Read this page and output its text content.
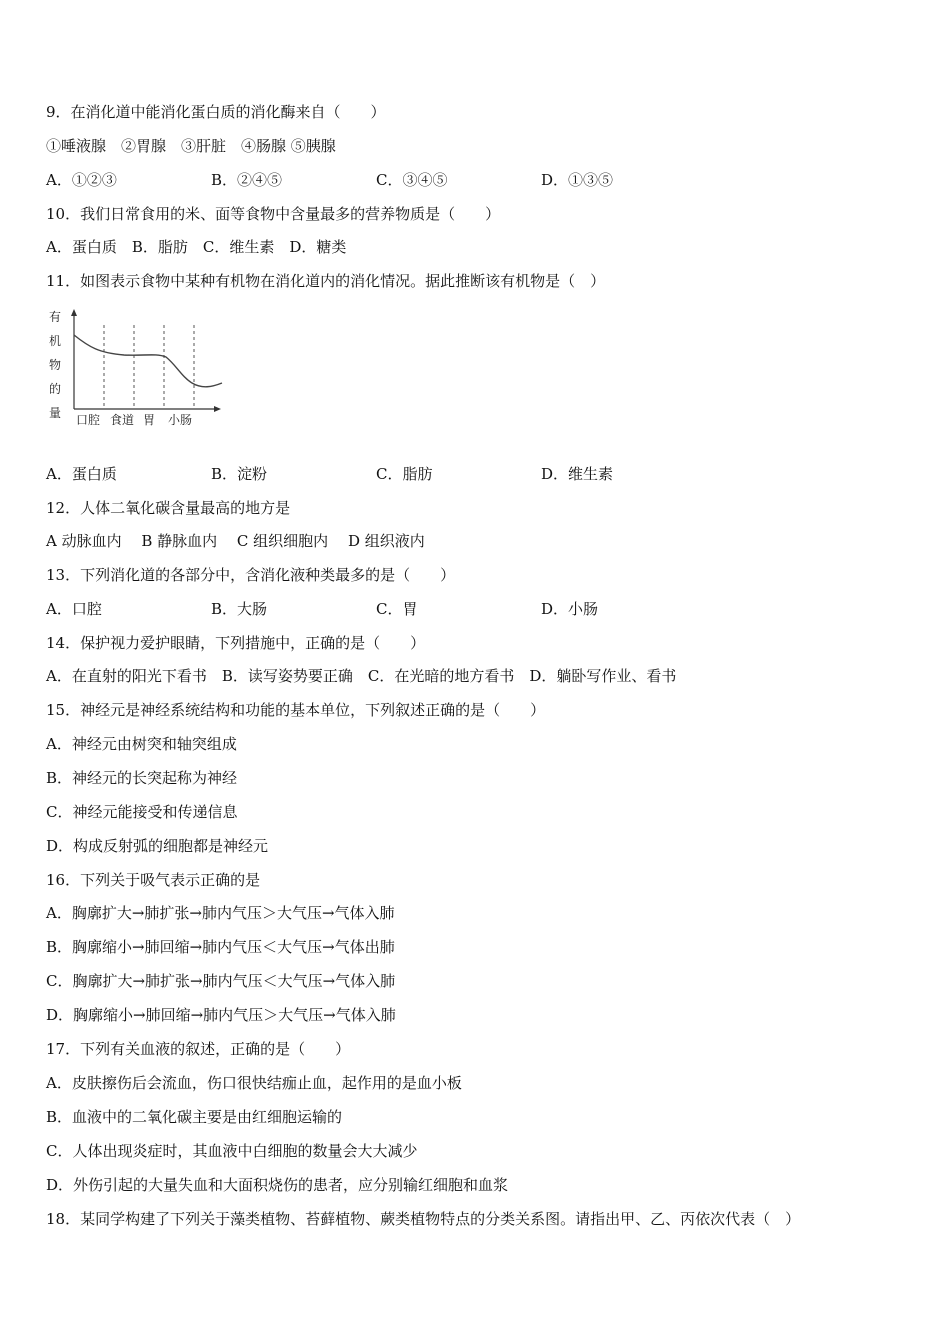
9．在消化道中能消化蛋白质的消化酶来自（　　）
①唾液腺　②胃腺　③肝脏　④肠腺 ⑤胰腺
A．①②③	B．②④⑤	C．③④⑤	D．①③⑤
10．我们日常食用的米、面等食物中含量最多的营养物质是（　　）
A．蛋白质　B．脂肪　C．维生素　D．糖类
11．如图表示食物中某种有机物在消化道内的消化情况。据此推断该有机物是（　）
有
机
物
的
量 口腔 食道 胃 小肠
A．蛋白质	B．淀粉	C．脂肪	D．维生素
12．人体二氧化碳含量最高的地方是
A 动脉血内　 B 静脉血内　 C 组织细胞内　 D 组织液内
13．下列消化道的各部分中，含消化液种类最多的是（　　）
A．口腔	B．大肠	C．胃	D．小肠
14．保护视力爱护眼睛，下列措施中，正确的是（　　）
A．在直射的阳光下看书　B．读写姿势要正确　C．在光暗的地方看书　D．躺卧写作业、看书
15．神经元是神经系统结构和功能的基本单位，下列叙述正确的是（　　）
A．神经元由树突和轴突组成
B．神经元的长突起称为神经
C．神经元能接受和传递信息
D．构成反射弧的细胞都是神经元
16．下列关于吸气表示正确的是
A．胸廓扩大→肺扩张→肺内气压＞大气压→气体入肺
B．胸廓缩小→肺回缩→肺内气压＜大气压→气体出肺
C．胸廓扩大→肺扩张→肺内气压＜大气压→气体入肺
D．胸廓缩小→肺回缩→肺内气压＞大气压→气体入肺
17．下列有关血液的叙述，正确的是（　　）
A．皮肤擦伤后会流血，伤口很快结痂止血，起作用的是血小板
B．血液中的二氧化碳主要是由红细胞运输的
C．人体出现炎症时，其血液中白细胞的数量会大大减少
D．外伤引起的大量失血和大面积烧伤的患者，应分别输红细胞和血浆
18．某同学构建了下列关于藻类植物、苔藓植物、蕨类植物特点的分类关系图。请指出甲、乙、丙依次代表（　）
